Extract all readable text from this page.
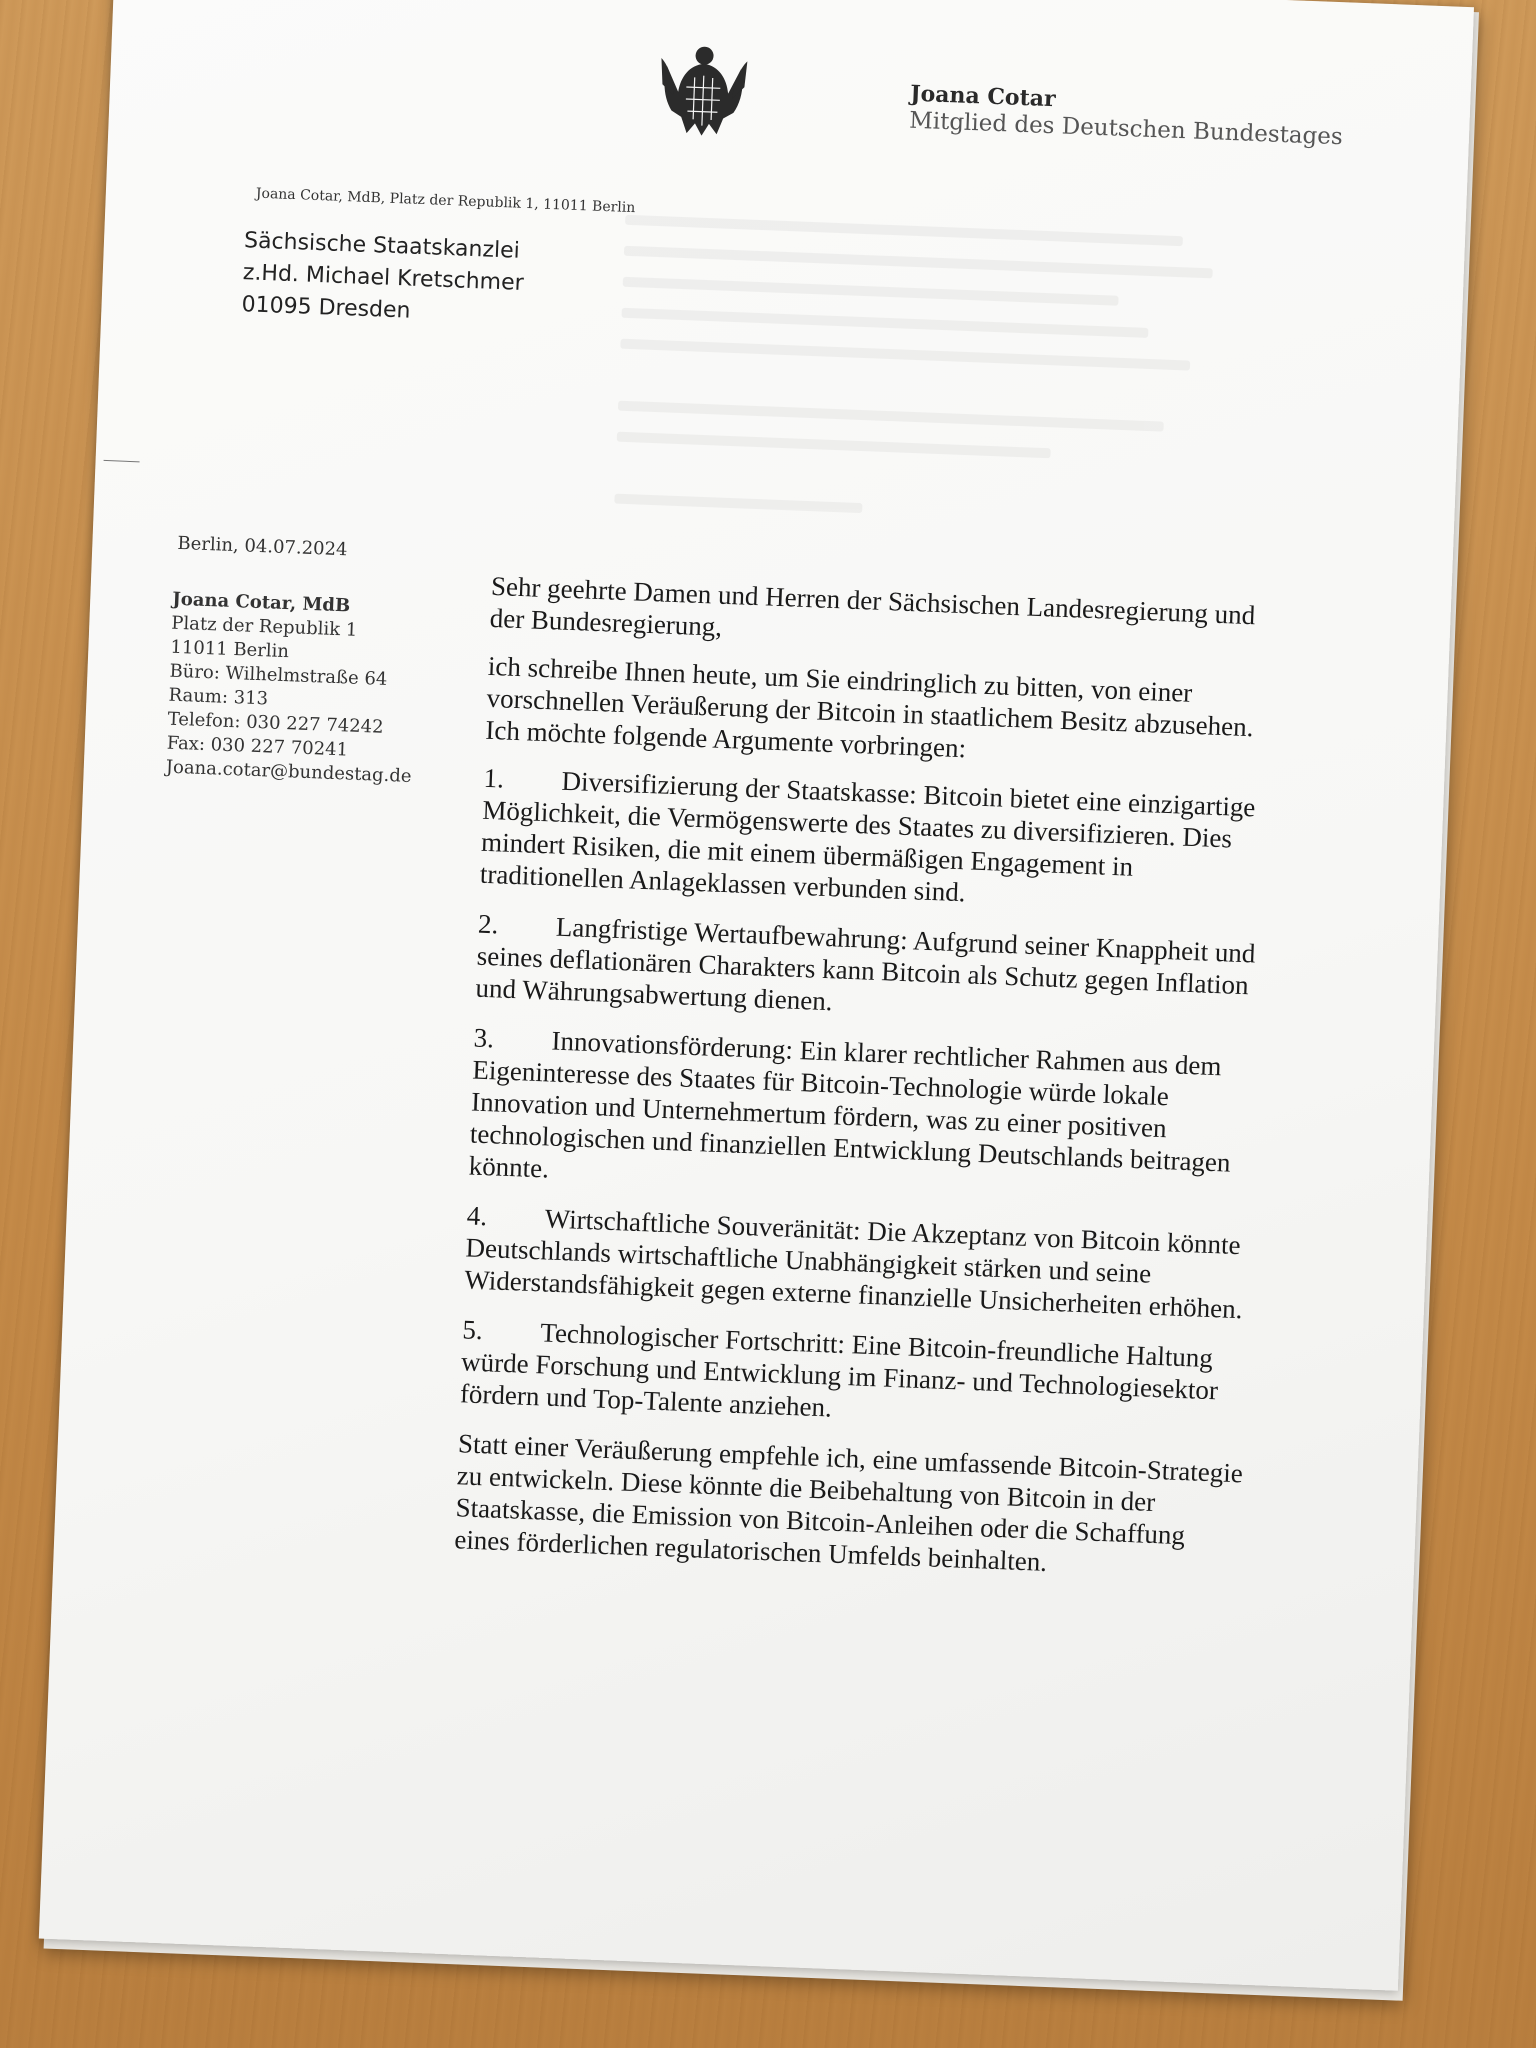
Joana Cotar
Mitglied des Deutschen Bundestages
Joana Cotar, MdB, Platz der Republik 1, 11011 Berlin
Sächsische Staatskanzlei
z.Hd. Michael Kretschmer
01095 Dresden
Berlin, 04.07.2024
Joana Cotar, MdB
Platz der Republik 1
11011 Berlin
Büro: Wilhelmstraße 64
Raum: 313
Telefon: 030 227 74242
Fax: 030 227 70241
Joana.cotar@bundestag.de

Sehr geehrte Damen und Herren der Sächsischen Landesregierung und der Bundesregierung,

ich schreibe Ihnen heute, um Sie eindringlich zu bitten, von einer vorschnellen Veräußerung der Bitcoin in staatlichem Besitz abzusehen. Ich möchte folgende Argumente vorbringen:

1. Diversifizierung der Staatskasse: Bitcoin bietet eine einzigartige Möglichkeit, die Vermögenswerte des Staates zu diversifizieren. Dies mindert Risiken, die mit einem übermäßigen Engagement in traditionellen Anlageklassen verbunden sind.
2. Langfristige Wertaufbewahrung: Aufgrund seiner Knappheit und seines deflationären Charakters kann Bitcoin als Schutz gegen Inflation und Währungsabwertung dienen.
3. Innovationsförderung: Ein klarer rechtlicher Rahmen aus dem Eigeninteresse des Staates für Bitcoin-Technologie würde lokale Innovation und Unternehmertum fördern, was zu einer positiven technologischen und finanziellen Entwicklung Deutschlands beitragen könnte.
4. Wirtschaftliche Souveränität: Die Akzeptanz von Bitcoin könnte Deutschlands wirtschaftliche Unabhängigkeit stärken und seine Widerstandsfähigkeit gegen externe finanzielle Unsicherheiten erhöhen.
5. Technologischer Fortschritt: Eine Bitcoin-freundliche Haltung würde Forschung und Entwicklung im Finanz- und Technologiesektor fördern und Top-Talente anziehen.

Statt einer Veräußerung empfehle ich, eine umfassende Bitcoin-Strategie zu entwickeln. Diese könnte die Beibehaltung von Bitcoin in der Staatskasse, die Emission von Bitcoin-Anleihen oder die Schaffung eines förderlichen regulatorischen Umfelds beinhalten.
